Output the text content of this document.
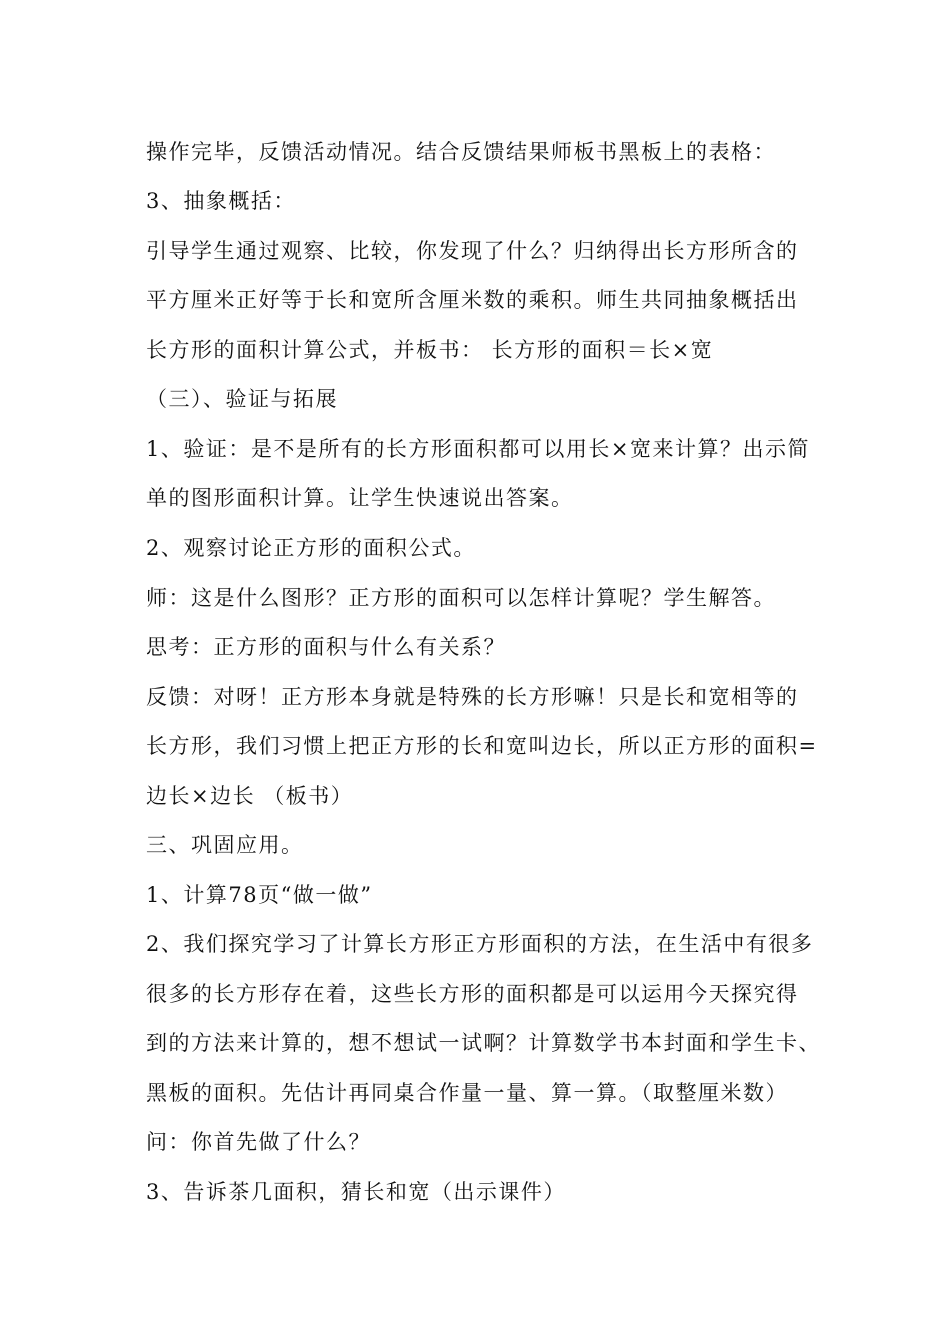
操作完毕，反馈活动情况。结合反馈结果师板书黑板上的表格：
3、抽象概括：
引导学生通过观察、比较，你发现了什么？归纳得出长方形所含的
平方厘米正好等于长和宽所含厘米数的乘积。师生共同抽象概括出
长方形的面积计算公式，并板书： 长方形的面积＝长×宽
（三）、验证与拓展
1、验证：是不是所有的长方形面积都可以用长×宽来计算？出示简
单的图形面积计算。让学生快速说出答案。
2、观察讨论正方形的面积公式。
师：这是什么图形？正方形的面积可以怎样计算呢？学生解答。
思考：正方形的面积与什么有关系？
反馈：对呀！正方形本身就是特殊的长方形嘛！只是长和宽相等的
长方形，我们习惯上把正方形的长和宽叫边长，所以正方形的面积=
边长×边长 （板书）
三、巩固应用。
1、计算78页“做一做”
2、我们探究学习了计算长方形正方形面积的方法，在生活中有很多
很多的长方形存在着，这些长方形的面积都是可以运用今天探究得
到的方法来计算的，想不想试一试啊？计算数学书本封面和学生卡、
黑板的面积。先估计再同桌合作量一量、算一算。（取整厘米数）
问：你首先做了什么？
3、告诉茶几面积，猜长和宽（出示课件）
